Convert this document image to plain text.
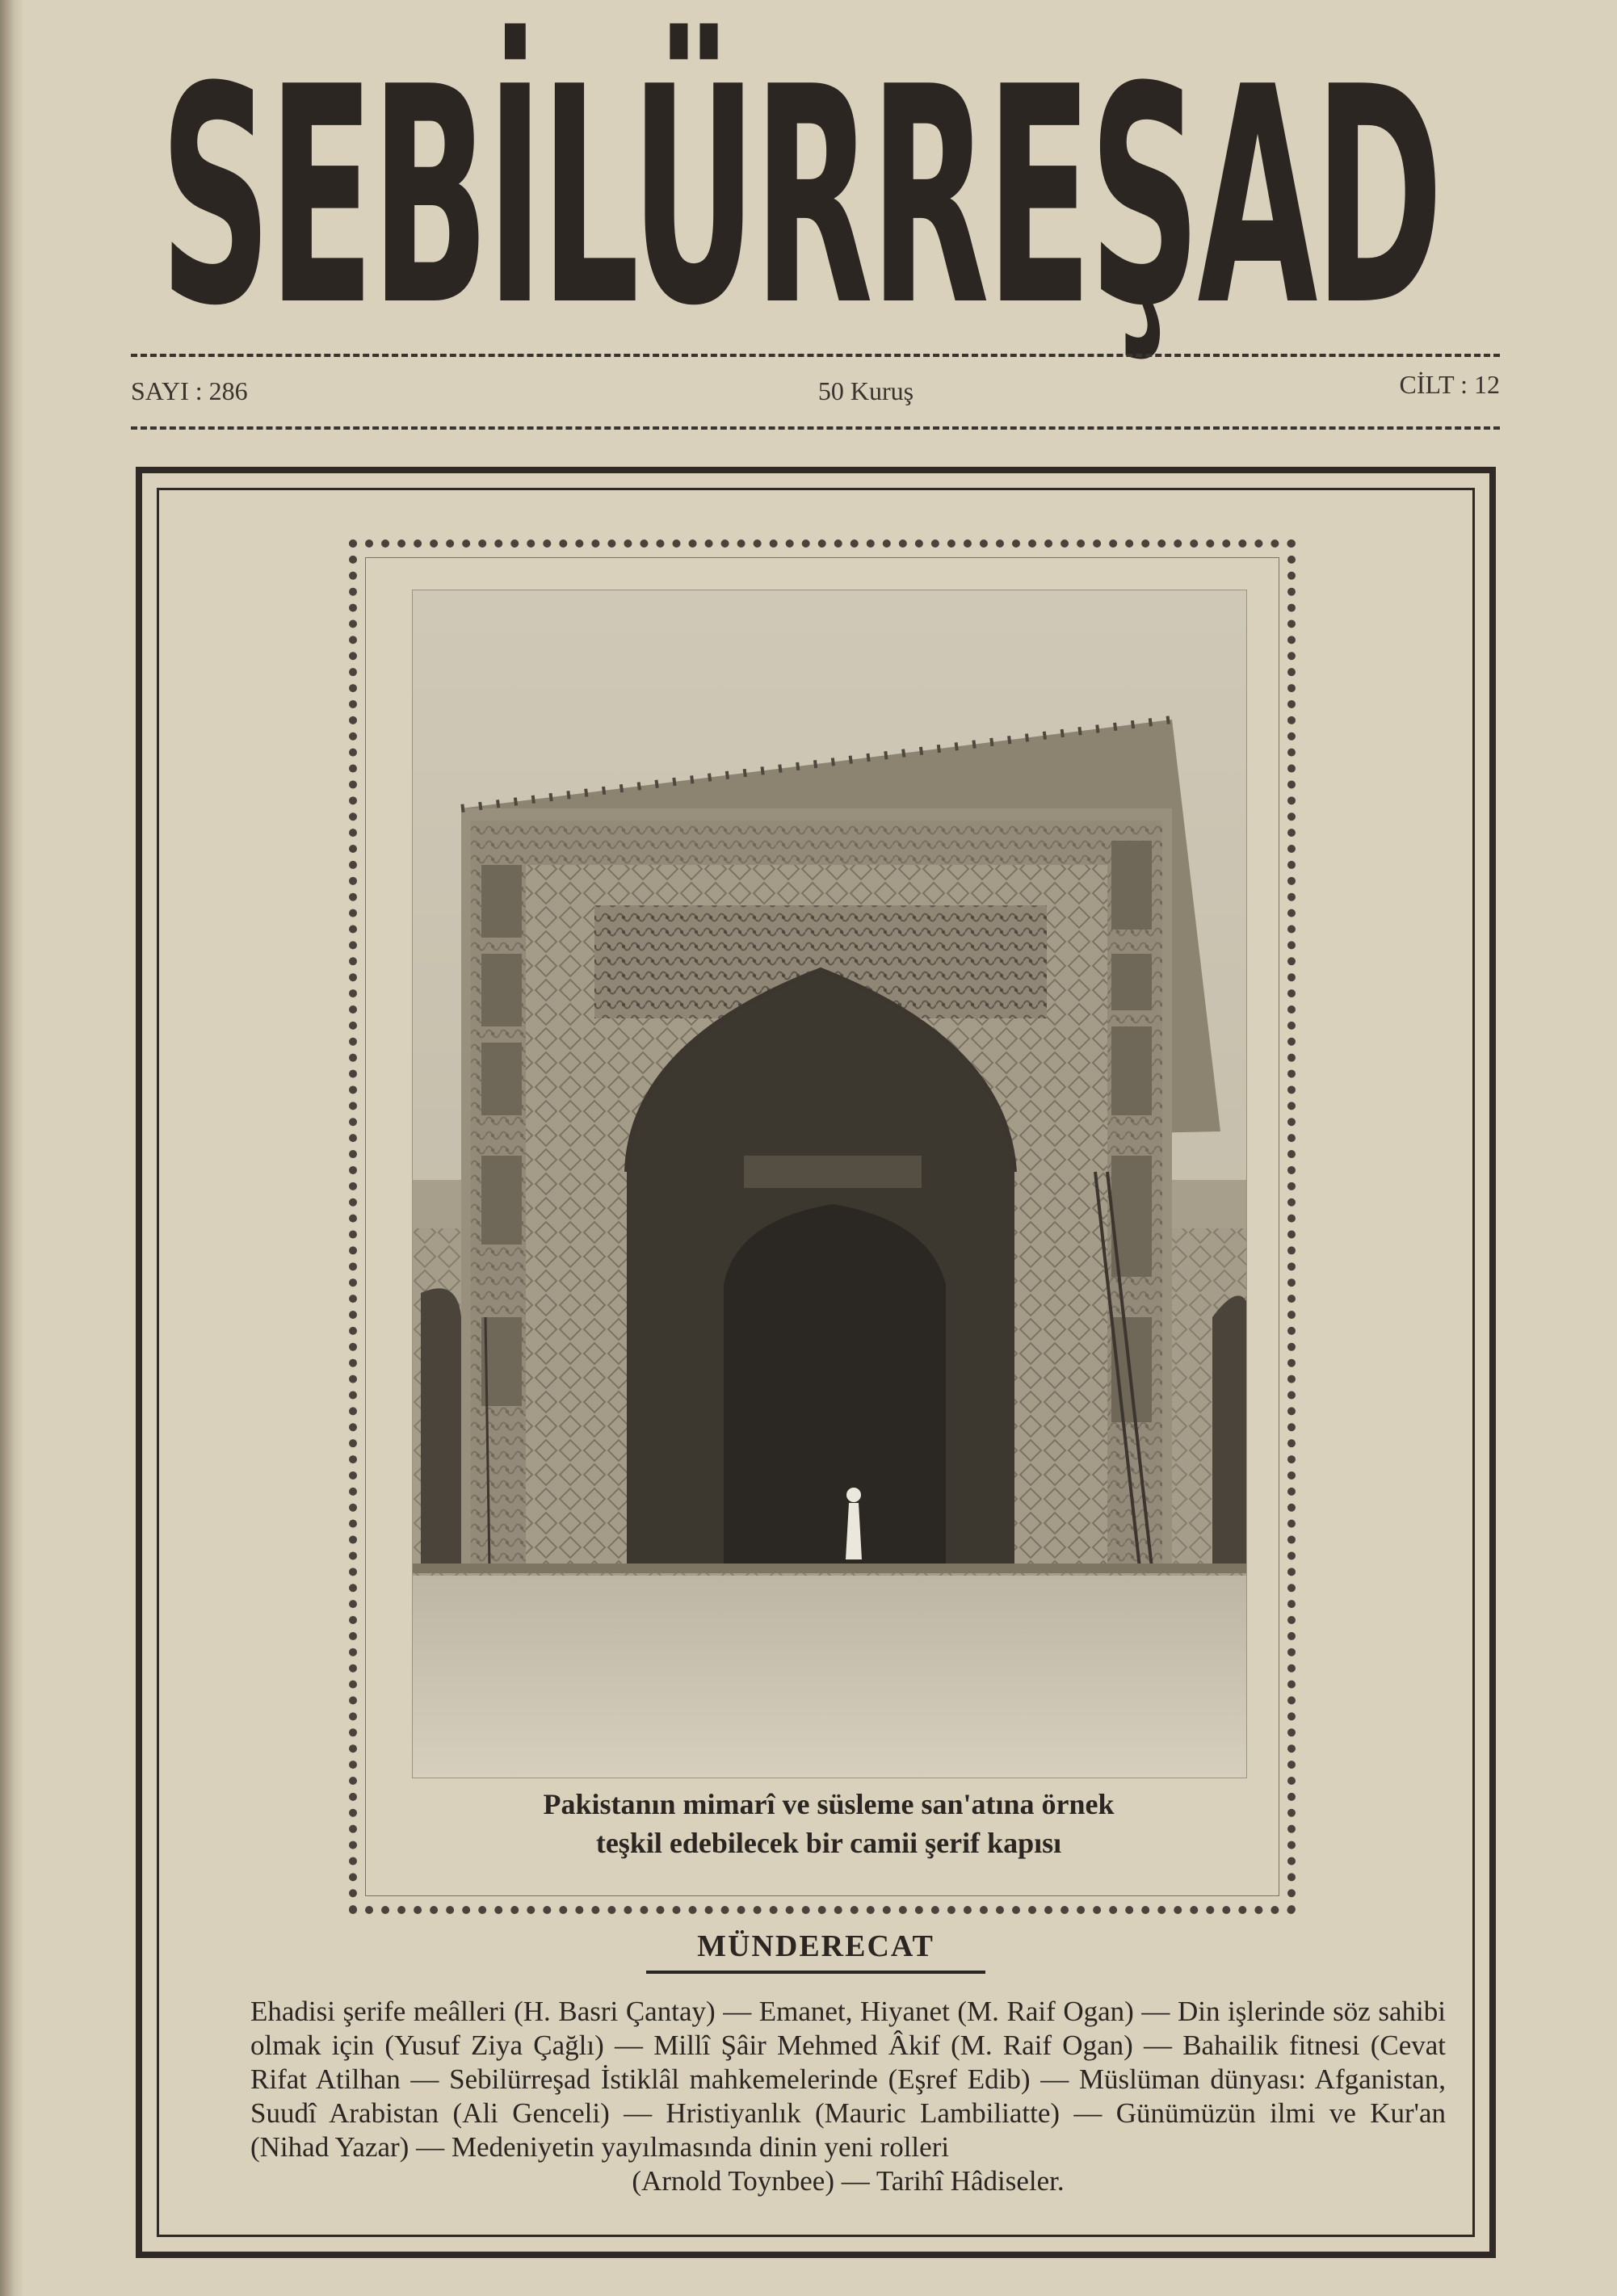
SEBİLÜRREŞAD
SAYI : 286	50 Kuruş	CİLT : 12
Pakistanın mimarî ve süsleme san'atına örnek
teşkil edebilecek bir camii şerif kapısı
MÜNDERECAT
Ehadisi şerife meâlleri (H. Basri Çantay) — Emanet, Hiyanet (M. Raif Ogan) — Din işlerinde söz sahibi olmak için (Yusuf Ziya Çağlı) — Millî Şâir Mehmed Âkif (M. Raif Ogan) — Bahailik fitnesi (Cevat Rifat Atilhan — Sebilürreşad İstiklâl mahkemelerinde (Eşref Edib) — Müslüman dünyası: Afganistan, Suudî Arabistan (Ali Genceli) — Hristiyanlık (Mauric Lambiliatte) — Günümüzün ilmi ve Kur'an (Nihad Yazar) — Medeniyetin yayılmasında dinin yeni rolleri
(Arnold Toynbee) — Tarihî Hâdiseler.
